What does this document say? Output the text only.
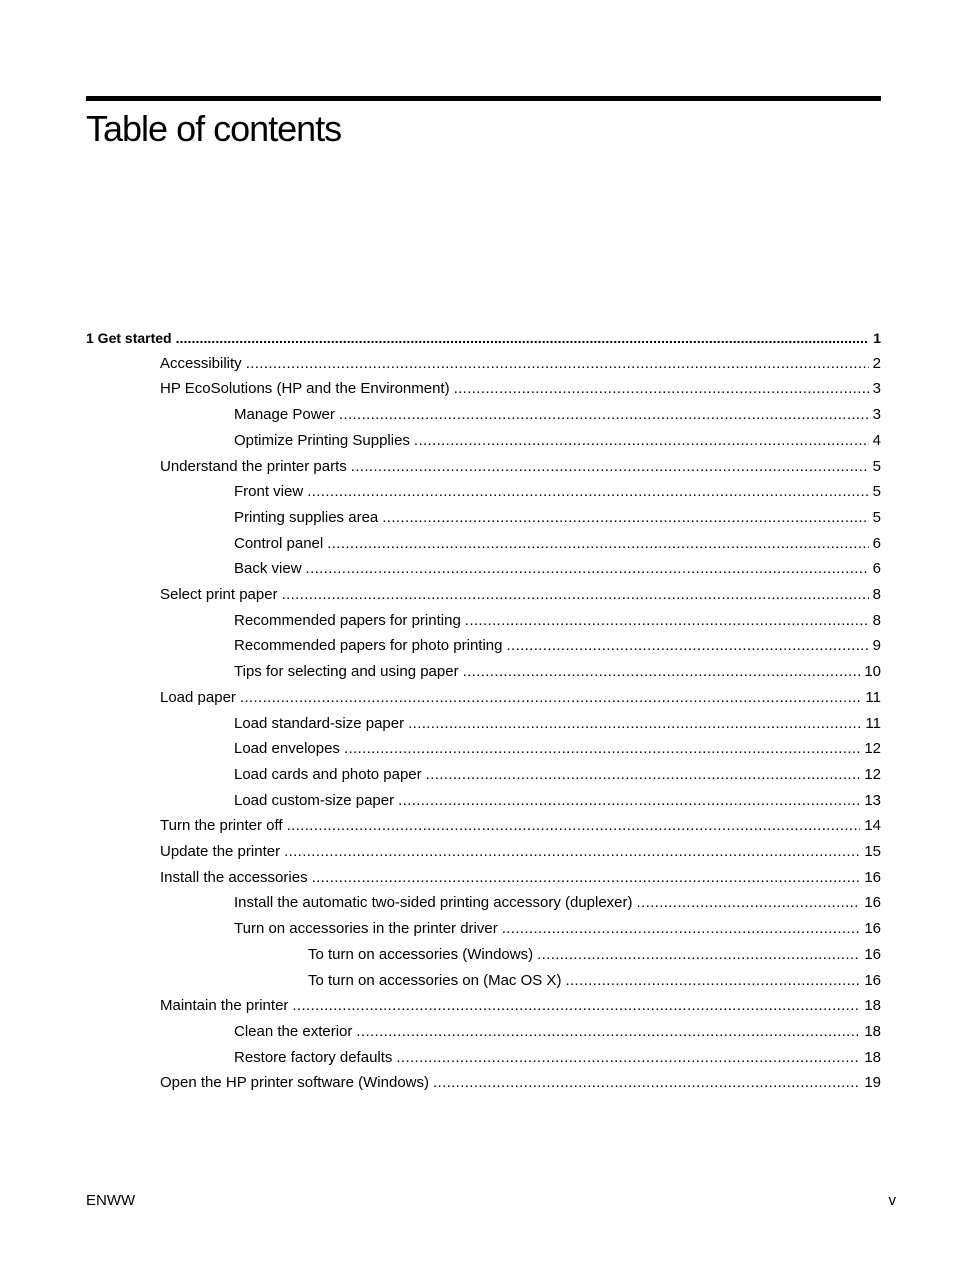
Table of contents
1 Get started . . .	1
Accessibility . . .	2
HP EcoSolutions (HP and the Environment) . . .	3
Manage Power . . .	3
Optimize Printing Supplies . . .	4
Understand the printer parts . . .	5
Front view . . .	5
Printing supplies area . . .	5
Control panel . . .	6
Back view . . .	6
Select print paper . . .	8
Recommended papers for printing . . .	8
Recommended papers for photo printing . . .	9
Tips for selecting and using paper . . .	10
Load paper . . .	11
Load standard-size paper . . .	11
Load envelopes . . .	12
Load cards and photo paper . . .	12
Load custom-size paper . . .	13
Turn the printer off . . .	14
Update the printer . . .	15
Install the accessories . . .	16
Install the automatic two-sided printing accessory (duplexer) . . .	16
Turn on accessories in the printer driver . . .	16
To turn on accessories (Windows) . . .	16
To turn on accessories on (Mac OS X) . . .	16
Maintain the printer . . .	18
Clean the exterior . . .	18
Restore factory defaults . . .	18
Open the HP printer software (Windows) . . .	19
ENWW	v
